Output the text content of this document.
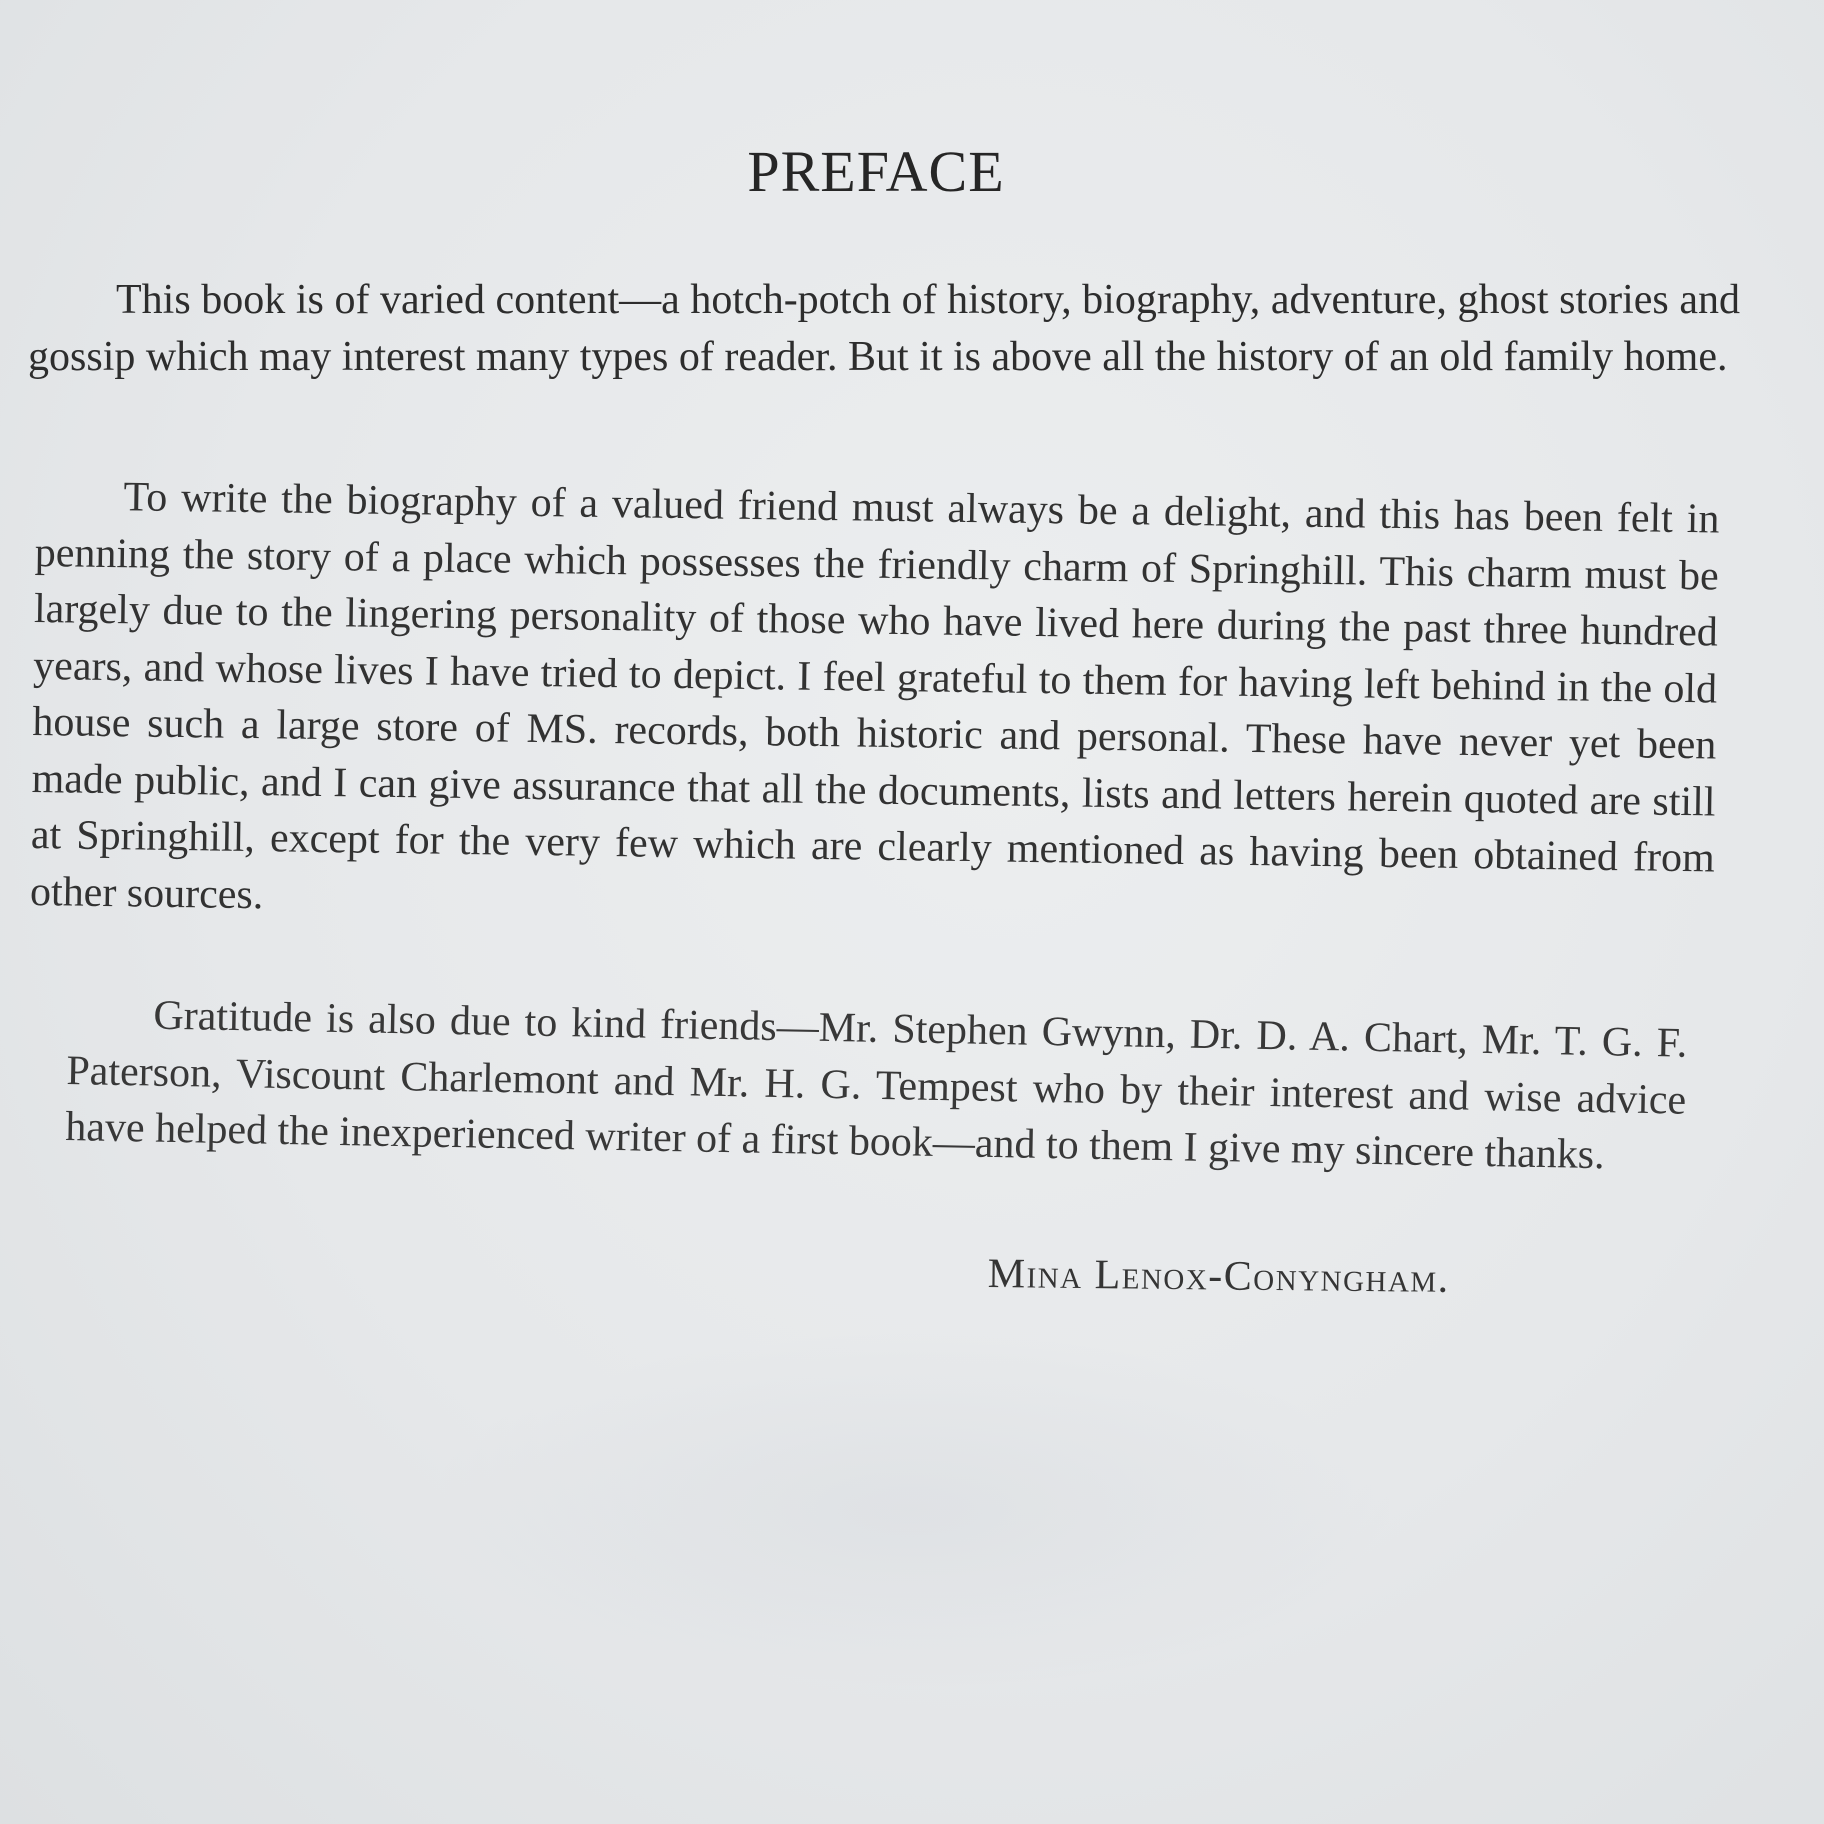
PREFACE

This book is of varied content—a hotch-potch of history, biography, adventure, ghost stories and gossip which may interest many types of reader. But it is above all the history of an old family home.

To write the biography of a valued friend must always be a delight, and this has been felt in penning the story of a place which possesses the friendly charm of Springhill. This charm must be largely due to the lingering personality of those who have lived here during the past three hundred years, and whose lives I have tried to depict. I feel grateful to them for having left behind in the old house such a large store of MS. records, both historic and personal. These have never yet been made public, and I can give assurance that all the documents, lists and letters herein quoted are still at Springhill, except for the very few which are clearly mentioned as having been obtained from other sources.

Gratitude is also due to kind friends—Mr. Stephen Gwynn, Dr. D. A. Chart, Mr. T. G. F. Paterson, Viscount Charlemont and Mr. H. G. Tempest who by their interest and wise advice have helped the inexperienced writer of a first book—and to them I give my sincere thanks.

Mina Lenox-Conyngham.
